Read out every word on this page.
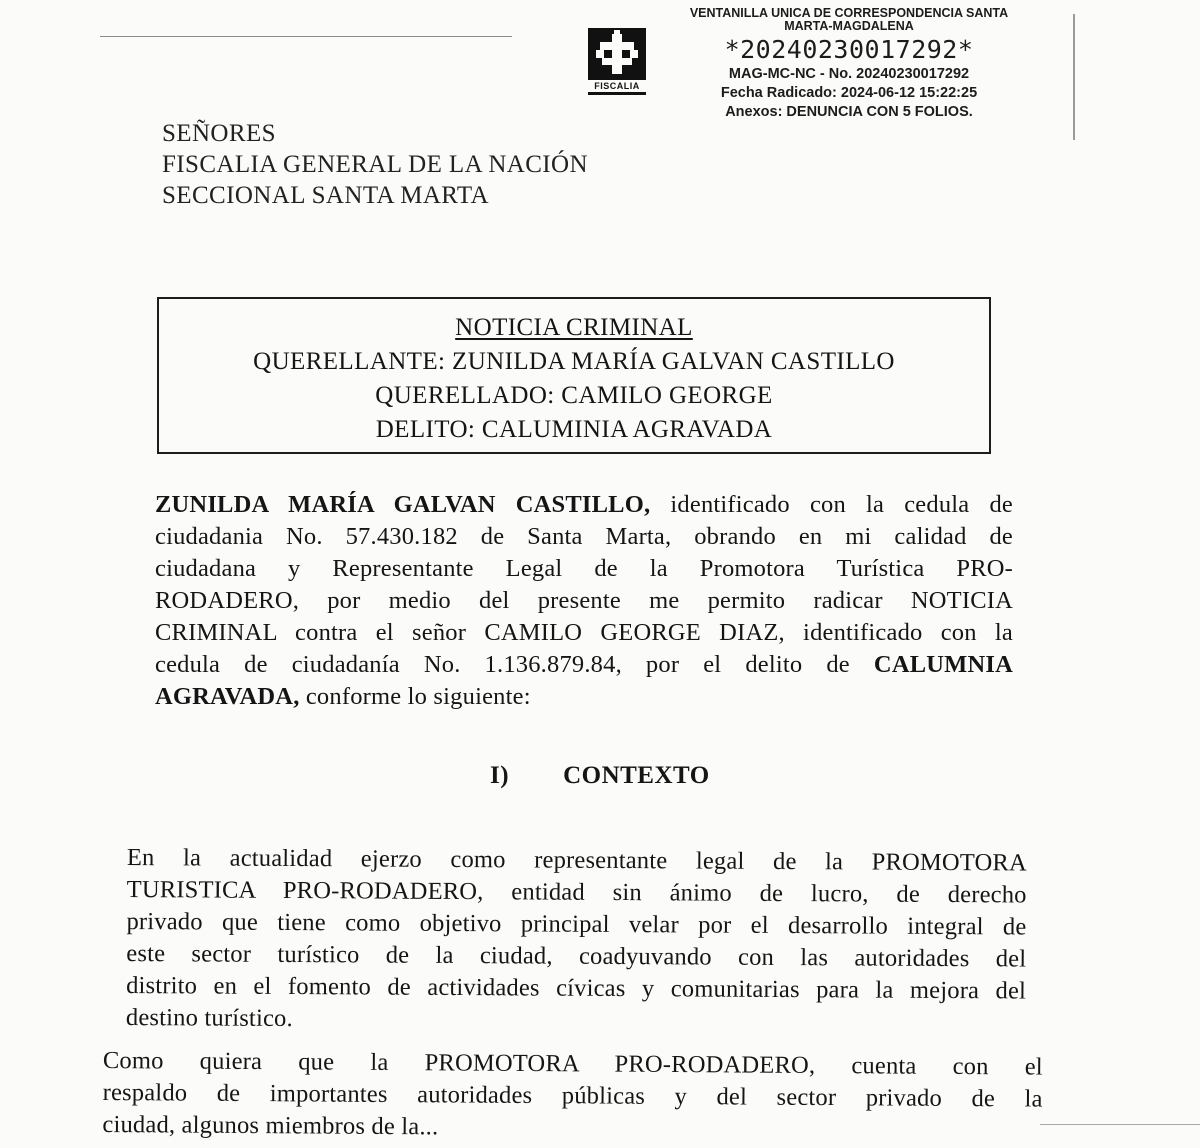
FISCALIA
VENTANILLA UNICA DE CORRESPONDENCIA SANTA
MARTA-MAGDALENA
*20240230017292*
MAG-MC-NC - No. 20240230017292
Fecha Radicado: 2024-06-12 15:22:25
Anexos: DENUNCIA CON 5 FOLIOS.
SEÑORES
FISCALIA GENERAL DE LA NACIÓN
SECCIONAL SANTA MARTA
NOTICIA CRIMINAL
QUERELLANTE: ZUNILDA MARÍA GALVAN CASTILLO
QUERELLADO: CAMILO GEORGE
DELITO: CALUMINIA AGRAVADA
ZUNILDA MARÍA GALVAN CASTILLO, identificado con la cedula de
ciudadania No. 57.430.182 de Santa Marta, obrando en mi calidad de
ciudadana y Representante Legal de la Promotora Turística PRO-
RODADERO, por medio del presente me permito radicar NOTICIA
CRIMINAL contra el señor CAMILO GEORGE DIAZ, identificado con la
cedula de ciudadanía No. 1.136.879.84, por el delito de CALUMNIA
AGRAVADA, conforme lo siguiente:
I) CONTEXTO
En la actualidad ejerzo como representante legal de la PROMOTORA
TURISTICA PRO-RODADERO, entidad sin ánimo de lucro, de derecho
privado que tiene como objetivo principal velar por el desarrollo integral de
este sector turístico de la ciudad, coadyuvando con las autoridades del
distrito en el fomento de actividades cívicas y comunitarias para la mejora del
destino turístico.
Como quiera que la PROMOTORA PRO-RODADERO, cuenta con el
respaldo de importantes autoridades públicas y del sector privado de la
ciudad, algunos miembros de la...
